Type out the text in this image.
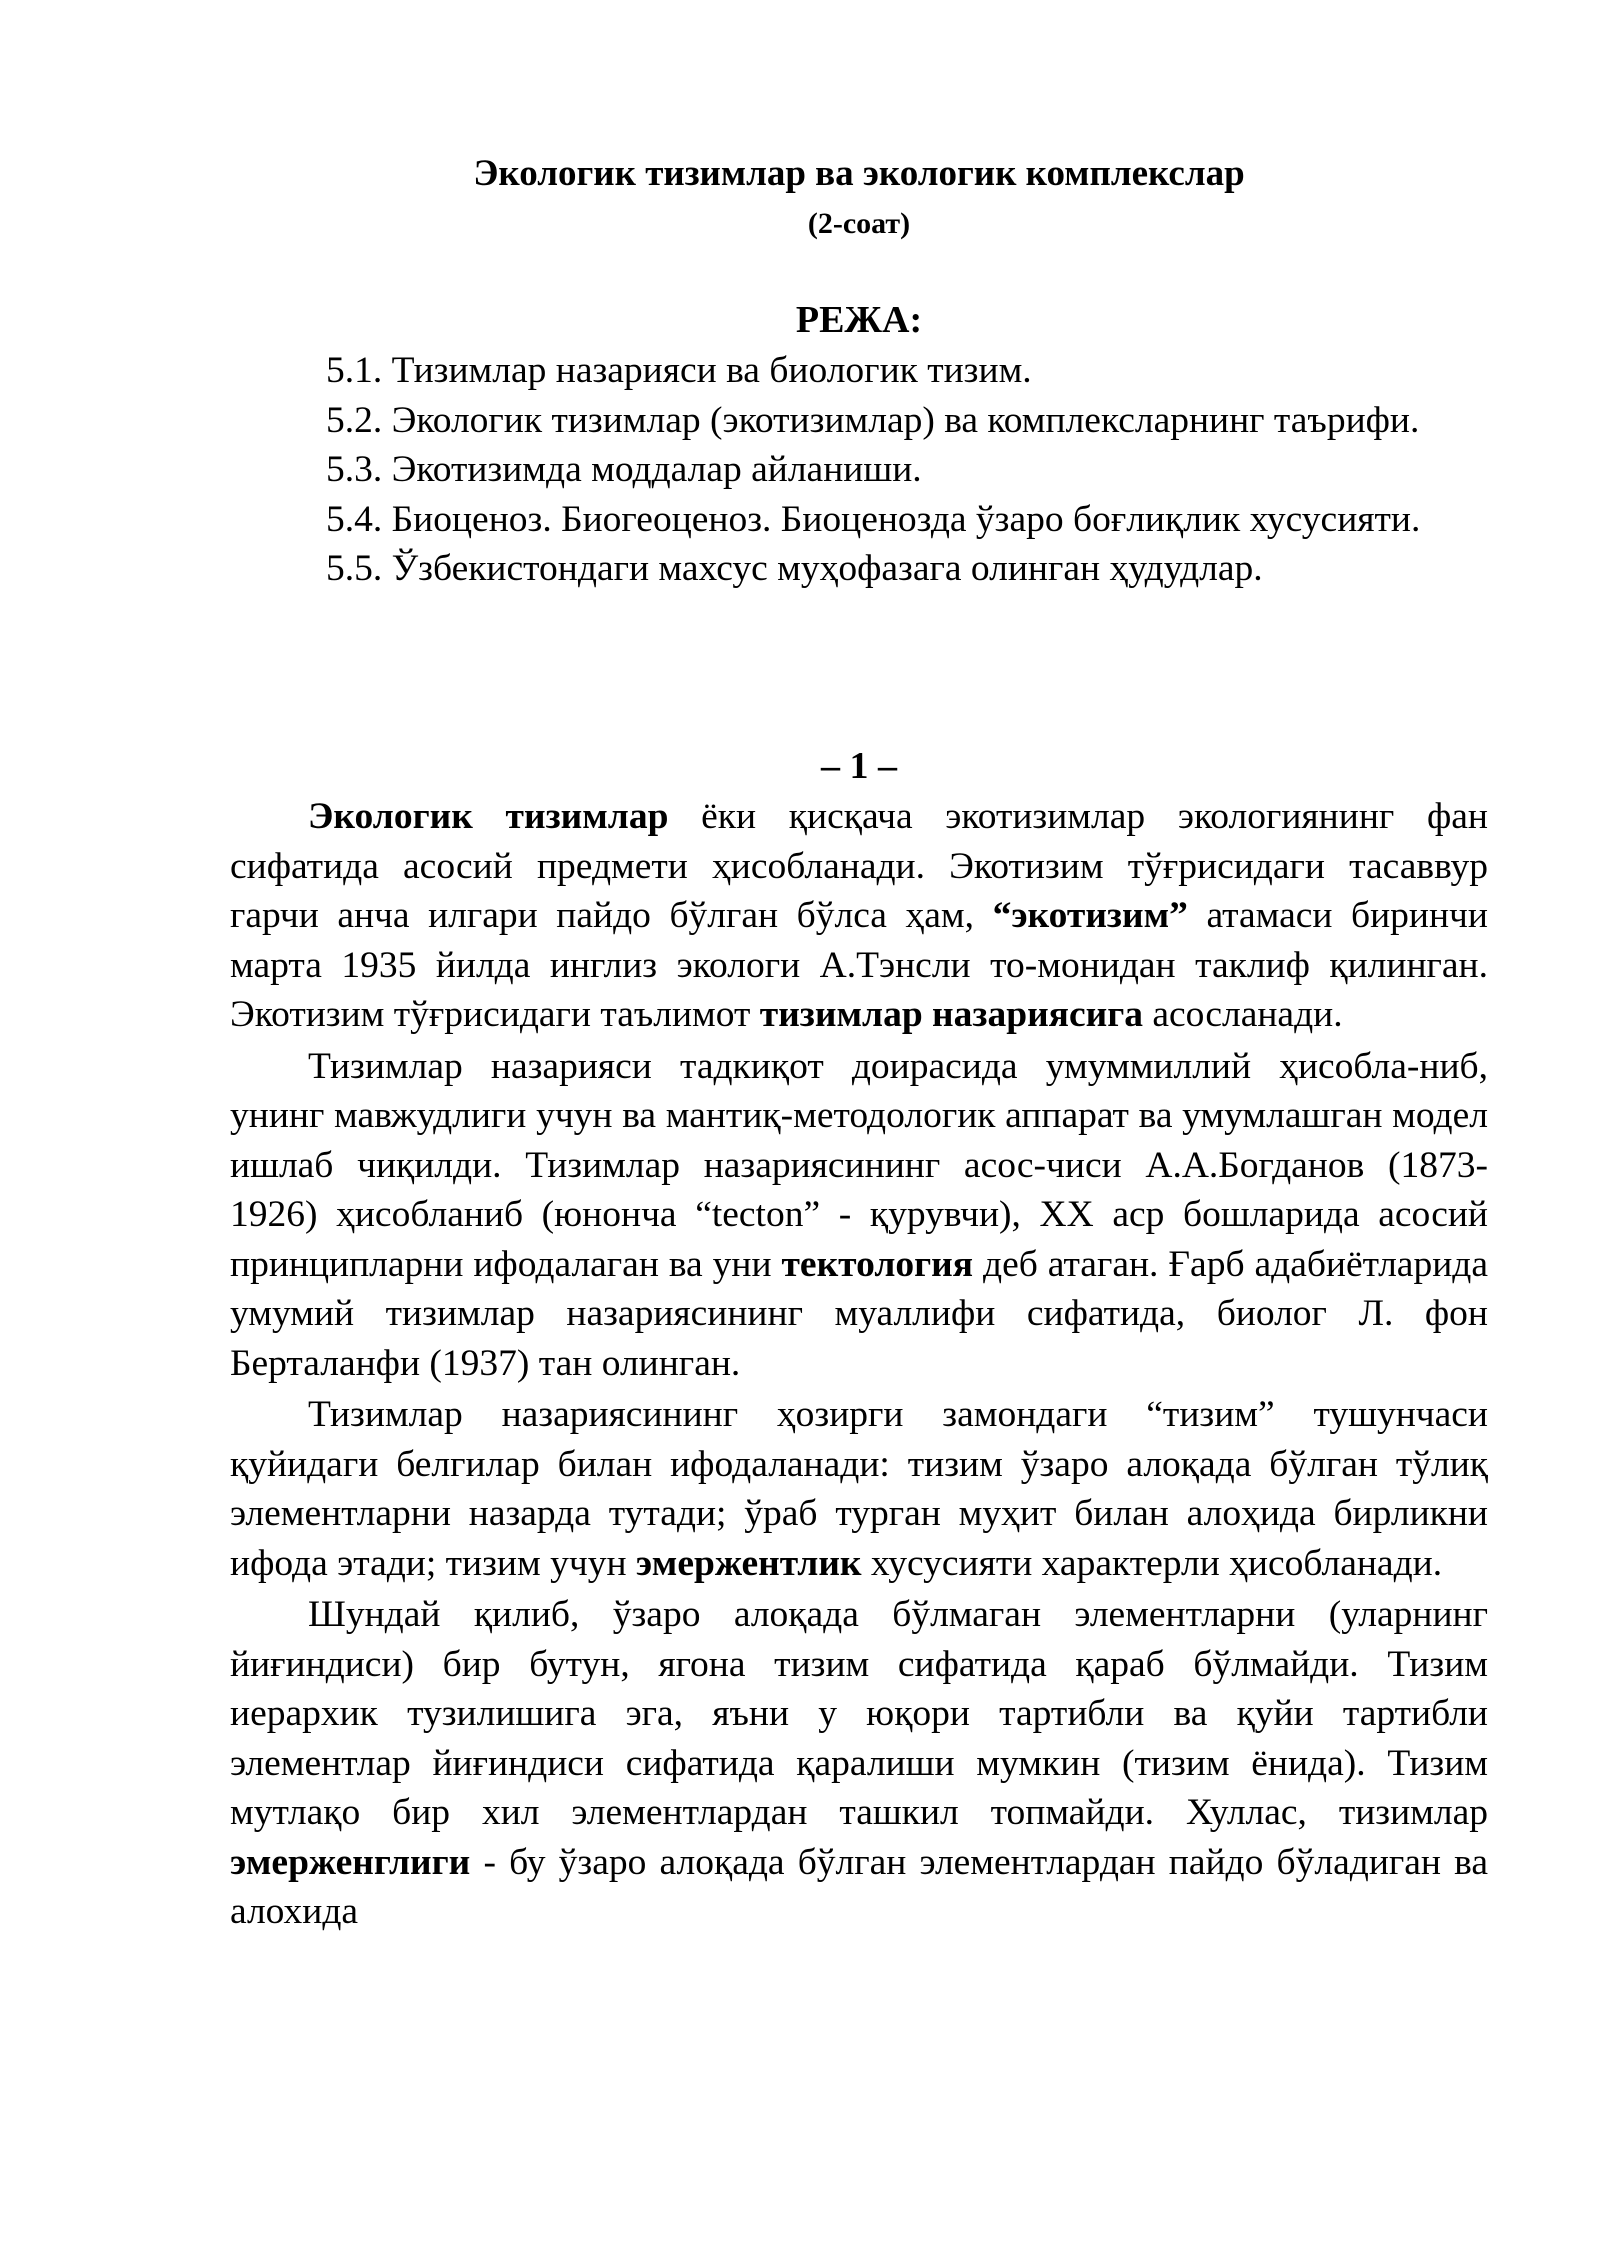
Экологик тизимлар ва экологик комплекслар
(2-соат)
РЕЖА:
5.1. Тизимлар назарияси ва биологик тизим.
5.2. Экологик тизимлар (экотизимлар) ва комплексларнинг таърифи.
5.3. Экотизимда моддалар айланиши.
5.4. Биоценоз. Биогеоценоз. Биоценозда ўзаро боғлиқлик хусусияти.
5.5. Ўзбекистондаги махсус муҳофазага олинган ҳудудлар.
– 1 –

Экологик тизимлар ёки қисқача экотизимлар экологиянинг фан сифатида асосий предмети ҳисобланади. Экотизим тўғрисидаги тасаввур гарчи анча илгари пайдо бўлган бўлса ҳам, “экотизим” атамаси биринчи марта 1935 йилда инглиз экологи А.Тэнсли то-монидан таклиф қилинган. Экотизим тўғрисидаги таълимот тизимлар назариясига асосланади.

Тизимлар назарияси тадкиқот доирасида умуммиллий ҳисобла-ниб, унинг мавжудлиги учун ва мантиқ-методологик аппарат ва умумлашган модел ишлаб чиқилди. Тизимлар назариясининг асос-чиси А.А.Богданов (1873-1926) ҳисобланиб (юнонча “tecton” - қурувчи), ХХ аср бошларида асосий принципларни ифодалаган ва уни тектология деб атаган. Ғарб адабиётларида умумий тизимлар назариясининг муаллифи сифатида, биолог Л. фон Берталанфи (1937) тан олинган.

Тизимлар назариясининг ҳозирги замондаги “тизим” тушунчаси қуйидаги белгилар билан ифодаланади: тизим ўзаро алоқада бўлган тўлиқ элементларни назарда тутади; ўраб турган муҳит билан алоҳида бирликни ифода этади; тизим учун эмержентлик хусусияти характерли ҳисобланади.

Шундай қилиб, ўзаро алоқада бўлмаган элементларни (уларнинг йиғиндиси) бир бутун, ягона тизим сифатида қараб бўлмайди. Тизим иерархик тузилишига эга, яъни у юқори тартибли ва қуйи тартибли элементлар йиғиндиси сифатида қаралиши мумкин (тизим ёнида). Тизим мутлақо бир хил элементлардан ташкил топмайди. Хуллас, тизимлар эмерженглиги - бу ўзаро алоқада бўлган элементлардан пайдо бўладиган ва алохида
